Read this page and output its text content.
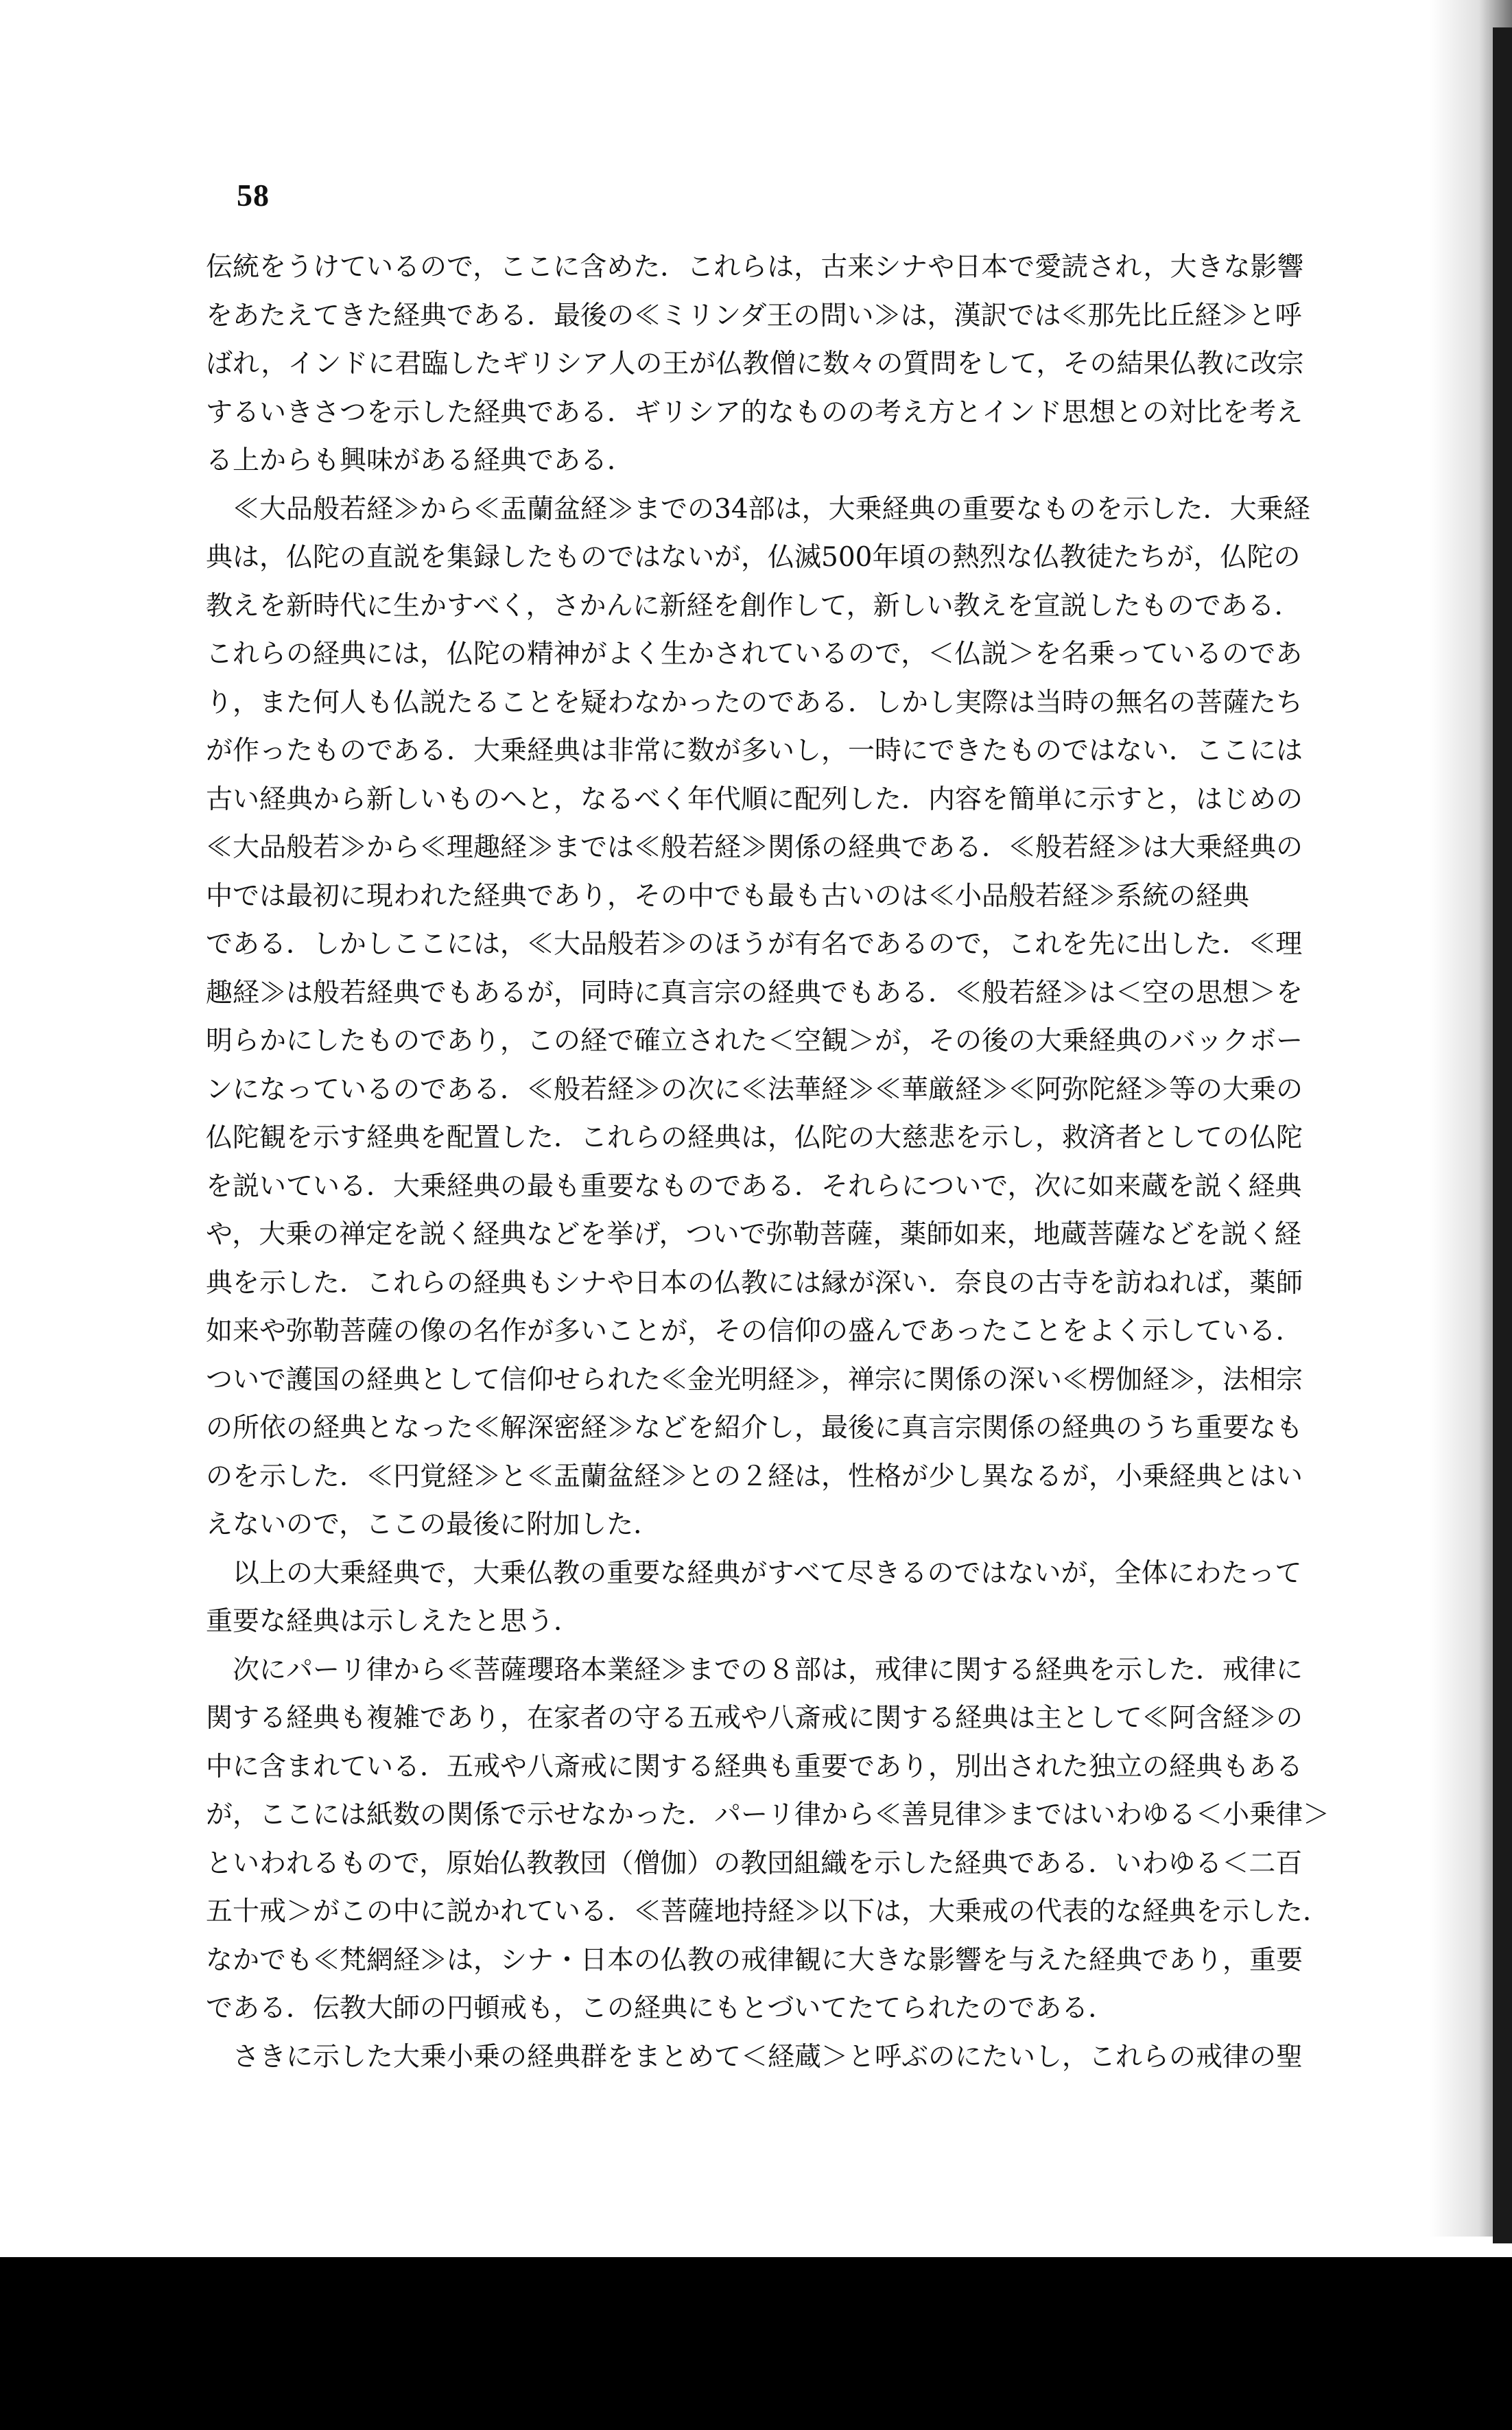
58
伝統をうけているので，ここに含めた．これらは，古来シナや日本で愛読され，大きな影響
をあたえてきた経典である．最後の≪ミリンダ王の問い≫は，漢訳では≪那先比丘経≫と呼
ばれ，インドに君臨したギリシア人の王が仏教僧に数々の質問をして，その結果仏教に改宗
するいきさつを示した経典である．ギリシア的なものの考え方とインド思想との対比を考え
る上からも興味がある経典である．
≪大品般若経≫から≪盂蘭盆経≫までの34部は，大乗経典の重要なものを示した．大乗経
典は，仏陀の直説を集録したものではないが，仏滅500年頃の熱烈な仏教徒たちが，仏陀の
教えを新時代に生かすべく，さかんに新経を創作して，新しい教えを宣説したものである．
これらの経典には，仏陀の精神がよく生かされているので，＜仏説＞を名乗っているのであ
り，また何人も仏説たることを疑わなかったのである．しかし実際は当時の無名の菩薩たち
が作ったものである．大乗経典は非常に数が多いし，一時にできたものではない．ここには
古い経典から新しいものへと，なるべく年代順に配列した．内容を簡単に示すと，はじめの
≪大品般若≫から≪理趣経≫までは≪般若経≫関係の経典である．≪般若経≫は大乗経典の
中では最初に現われた経典であり，その中でも最も古いのは≪小品般若経≫系統の経典
である．しかしここには，≪大品般若≫のほうが有名であるので，これを先に出した．≪理
趣経≫は般若経典でもあるが，同時に真言宗の経典でもある．≪般若経≫は＜空の思想＞を
明らかにしたものであり，この経で確立された＜空観＞が，その後の大乗経典のバックボー
ンになっているのである．≪般若経≫の次に≪法華経≫≪華厳経≫≪阿弥陀経≫等の大乗の
仏陀観を示す経典を配置した．これらの経典は，仏陀の大慈悲を示し，救済者としての仏陀
を説いている．大乗経典の最も重要なものである．それらについで，次に如来蔵を説く経典
や，大乗の禅定を説く経典などを挙げ，ついで弥勒菩薩，薬師如来，地蔵菩薩などを説く経
典を示した．これらの経典もシナや日本の仏教には縁が深い．奈良の古寺を訪ねれば，薬師
如来や弥勒菩薩の像の名作が多いことが，その信仰の盛んであったことをよく示している．
ついで護国の経典として信仰せられた≪金光明経≫，禅宗に関係の深い≪楞伽経≫，法相宗
の所依の経典となった≪解深密経≫などを紹介し，最後に真言宗関係の経典のうち重要なも
のを示した．≪円覚経≫と≪盂蘭盆経≫との２経は，性格が少し異なるが，小乗経典とはい
えないので，ここの最後に附加した．
以上の大乗経典で，大乗仏教の重要な経典がすべて尽きるのではないが，全体にわたって
重要な経典は示しえたと思う．
次にパーリ律から≪菩薩瓔珞本業経≫までの８部は，戒律に関する経典を示した．戒律に
関する経典も複雑であり，在家者の守る五戒や八斎戒に関する経典は主として≪阿含経≫の
中に含まれている．五戒や八斎戒に関する経典も重要であり，別出された独立の経典もある
が，ここには紙数の関係で示せなかった．パーリ律から≪善見律≫まではいわゆる＜小乗律＞
といわれるもので，原始仏教教団（僧伽）の教団組織を示した経典である．いわゆる＜二百
五十戒＞がこの中に説かれている．≪菩薩地持経≫以下は，大乗戒の代表的な経典を示した．
なかでも≪梵網経≫は，シナ・日本の仏教の戒律観に大きな影響を与えた経典であり，重要
である．伝教大師の円頓戒も，この経典にもとづいてたてられたのである．
さきに示した大乗小乗の経典群をまとめて＜経蔵＞と呼ぶのにたいし，これらの戒律の聖
